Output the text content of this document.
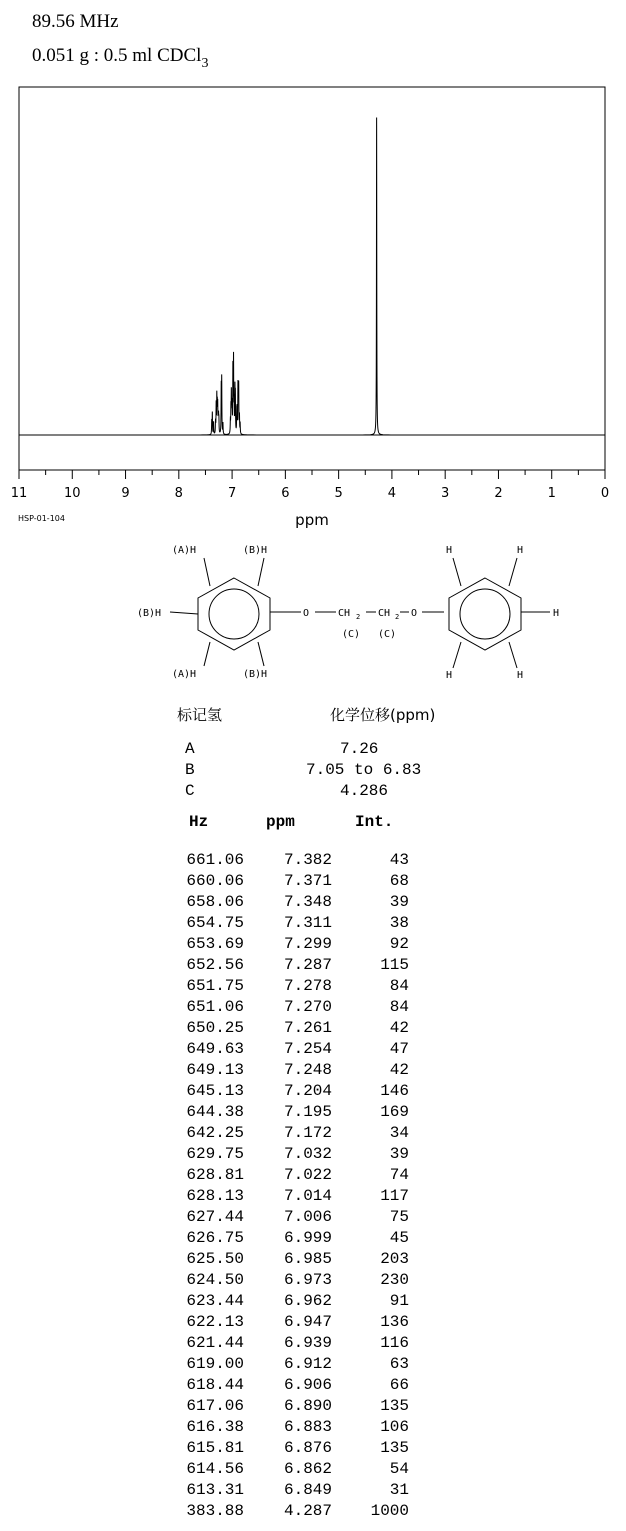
89.56 MHz
0.051 g : 0.5 ml CDCl$_3$
11	10	9	8	7	6	5	4	3	2	1	0
ppm
HSP-01-104
(A)H	(B)H
(B)H
(A)H	(B)H
H	H
H
H	H
O	CH 2 CH 2 O
(C) (C)
标记氢	化学位移(ppm)
A	7.26
B	7.05 to 6.83
C	4.286
Hz	ppm	Int.
661.06	7.382	43
660.06	7.371	68
658.06	7.348	39
654.75	7.311	38
653.69	7.299	92
652.56	7.287	115
651.75	7.278	84
651.06	7.270	84
650.25	7.261	42
649.63	7.254	47
649.13	7.248	42
645.13	7.204	146
644.38	7.195	169
642.25	7.172	34
629.75	7.032	39
628.81	7.022	74
628.13	7.014	117
627.44	7.006	75
626.75	6.999	45
625.50	6.985	203
624.50	6.973	230
623.44	6.962	91
622.13	6.947	136
621.44	6.939	116
619.00	6.912	63
618.44	6.906	66
617.06	6.890	135
616.38	6.883	106
615.81	6.876	135
614.56	6.862	54
613.31	6.849	31
383.88	4.287	1000
